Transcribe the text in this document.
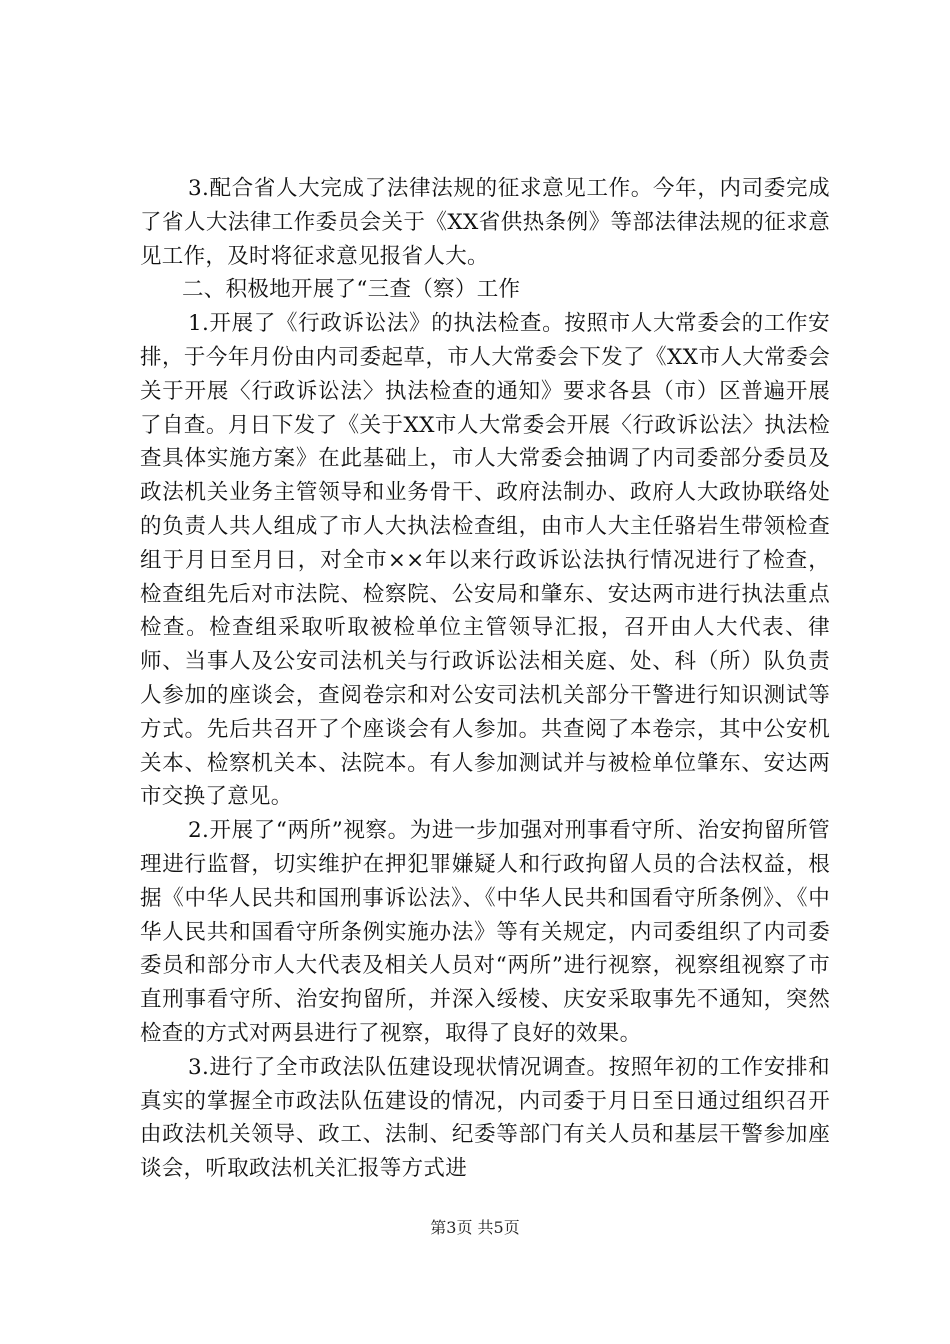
3.配合省人大完成了法律法规的征求意见工作。今年，内司委完成了省人大法律工作委员会关于《XX省供热条例》等部法律法规的征求意见工作，及时将征求意见报省人大。

二、积极地开展了“三查（察）工作

1.开展了《行政诉讼法》的执法检查。按照市人大常委会的工作安排，于今年月份由内司委起草，市人大常委会下发了《XX市人大常委会关于开展〈行政诉讼法〉执法检查的通知》要求各县（市）区普遍开展了自查。月日下发了《关于XX市人大常委会开展〈行政诉讼法〉执法检查具体实施方案》在此基础上，市人大常委会抽调了内司委部分委员及政法机关业务主管领导和业务骨干、政府法制办、政府人大政协联络处的负责人共人组成了市人大执法检查组，由市人大主任骆岩生带领检查组于月日至月日，对全市××年以来行政诉讼法执行情况进行了检查，检查组先后对市法院、检察院、公安局和肇东、安达两市进行执法重点检查。检查组采取听取被检单位主管领导汇报，召开由人大代表、律师、当事人及公安司法机关与行政诉讼法相关庭、处、科（所）队负责人参加的座谈会，查阅卷宗和对公安司法机关部分干警进行知识测试等方式。先后共召开了个座谈会有人参加。共查阅了本卷宗，其中公安机关本、检察机关本、法院本。有人参加测试并与被检单位肇东、安达两市交换了意见。

2.开展了“两所”视察。为进一步加强对刑事看守所、治安拘留所管理进行监督，切实维护在押犯罪嫌疑人和行政拘留人员的合法权益，根据《中华人民共和国刑事诉讼法》、《中华人民共和国看守所条例》、《中华人民共和国看守所条例实施办法》等有关规定，内司委组织了内司委委员和部分市人大代表及相关人员对“两所”进行视察，视察组视察了市直刑事看守所、治安拘留所，并深入绥棱、庆安采取事先不通知，突然检查的方式对两县进行了视察，取得了良好的效果。

3.进行了全市政法队伍建设现状情况调查。按照年初的工作安排和真实的掌握全市政法队伍建设的情况，内司委于月日至日通过组织召开由政法机关领导、政工、法制、纪委等部门有关人员和基层干警参加座谈会，听取政法机关汇报等方式进

第3页 共5页
